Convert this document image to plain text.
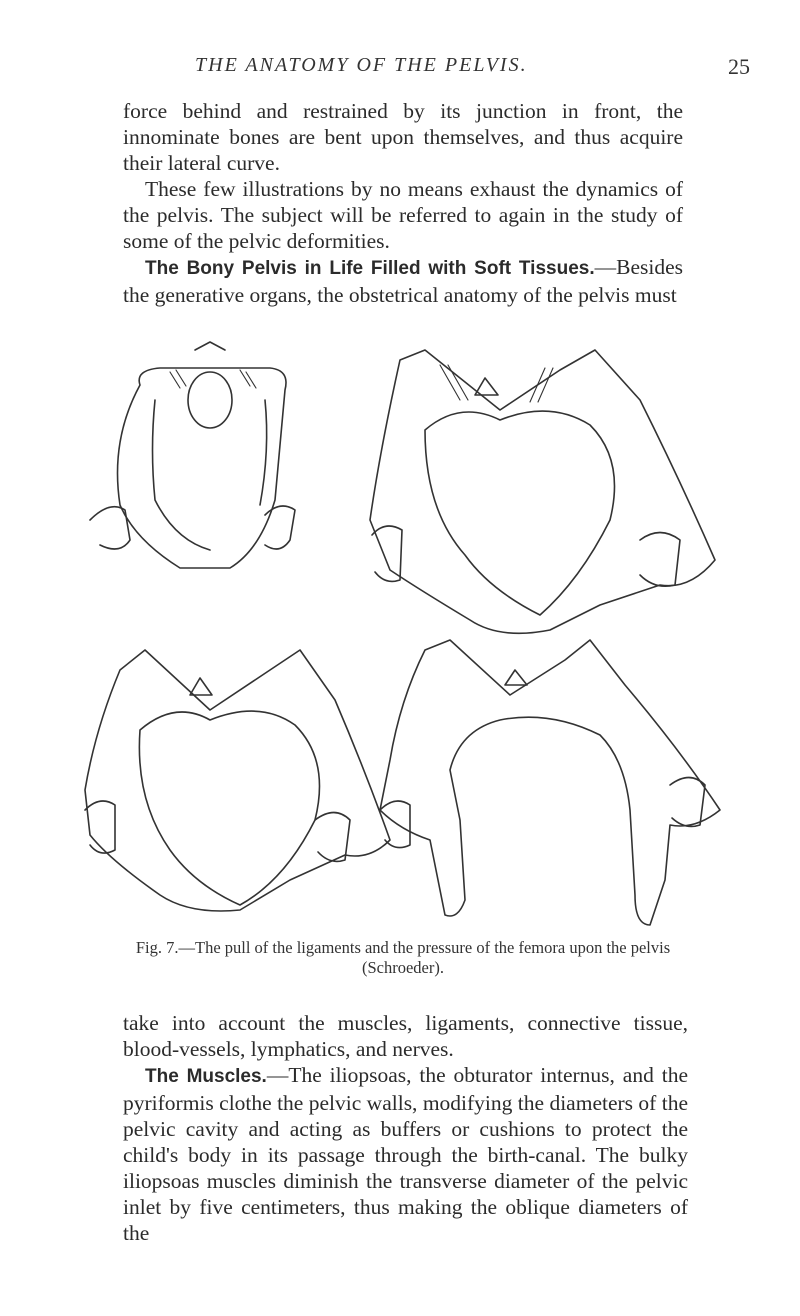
THE ANATOMY OF THE PELVIS.	25

force behind and restrained by its junction in front, the innominate bones are bent upon themselves, and thus acquire their lateral curve.

These few illustrations by no means exhaust the dynamics of the pelvis. The subject will be referred to again in the study of some of the pelvic deformities.

The Bony Pelvis in Life Filled with Soft Tissues.—Besides the generative organs, the obstetrical anatomy of the pelvis must

Fig. 7.—The pull of the ligaments and the pressure of the femora upon the pelvis (Schroeder).

take into account the muscles, ligaments, connective tissue, blood-vessels, lymphatics, and nerves.

The Muscles.—The iliopsoas, the obturator internus, and the pyriformis clothe the pelvic walls, modifying the diameters of the pelvic cavity and acting as buffers or cushions to protect the child's body in its passage through the birth-canal. The bulky iliopsoas muscles diminish the transverse diameter of the pelvic inlet by five centimeters, thus making the oblique diameters of the
